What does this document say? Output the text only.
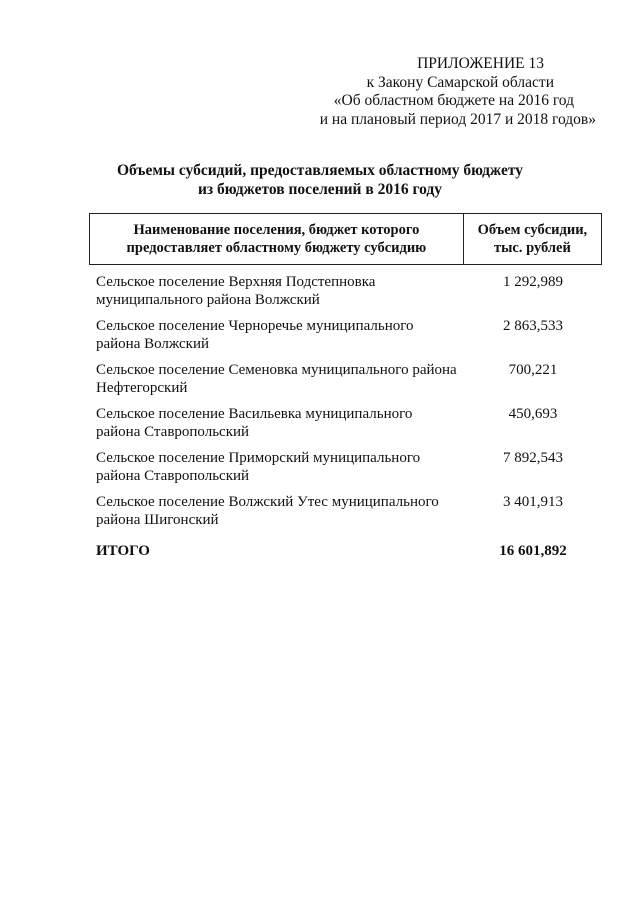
ПРИЛОЖЕНИЕ 13
к Закону Самарской области
«Об областном бюджете на 2016 год
и на плановый период 2017 и 2018 годов»
Объемы субсидий, предоставляемых областному бюджету
из бюджетов поселений в 2016 году
Наименование поселения, бюджет которого
предоставляет областному бюджету субсидию
Объем субсидии,
тыс. рублей
Сельское поселение Верхняя Подстепновка
муниципального района Волжский
1 292,989
Сельское поселение Черноречье муниципального
района Волжский
2 863,533
Сельское поселение Семеновка муниципального района
Нефтегорский
700,221
Сельское поселение Васильевка муниципального
района Ставропольский
450,693
Сельское поселение Приморский муниципального
района Ставропольский
7 892,543
Сельское поселение Волжский Утес муниципального
района Шигонский
3 401,913
ИТОГО	16 601,892
